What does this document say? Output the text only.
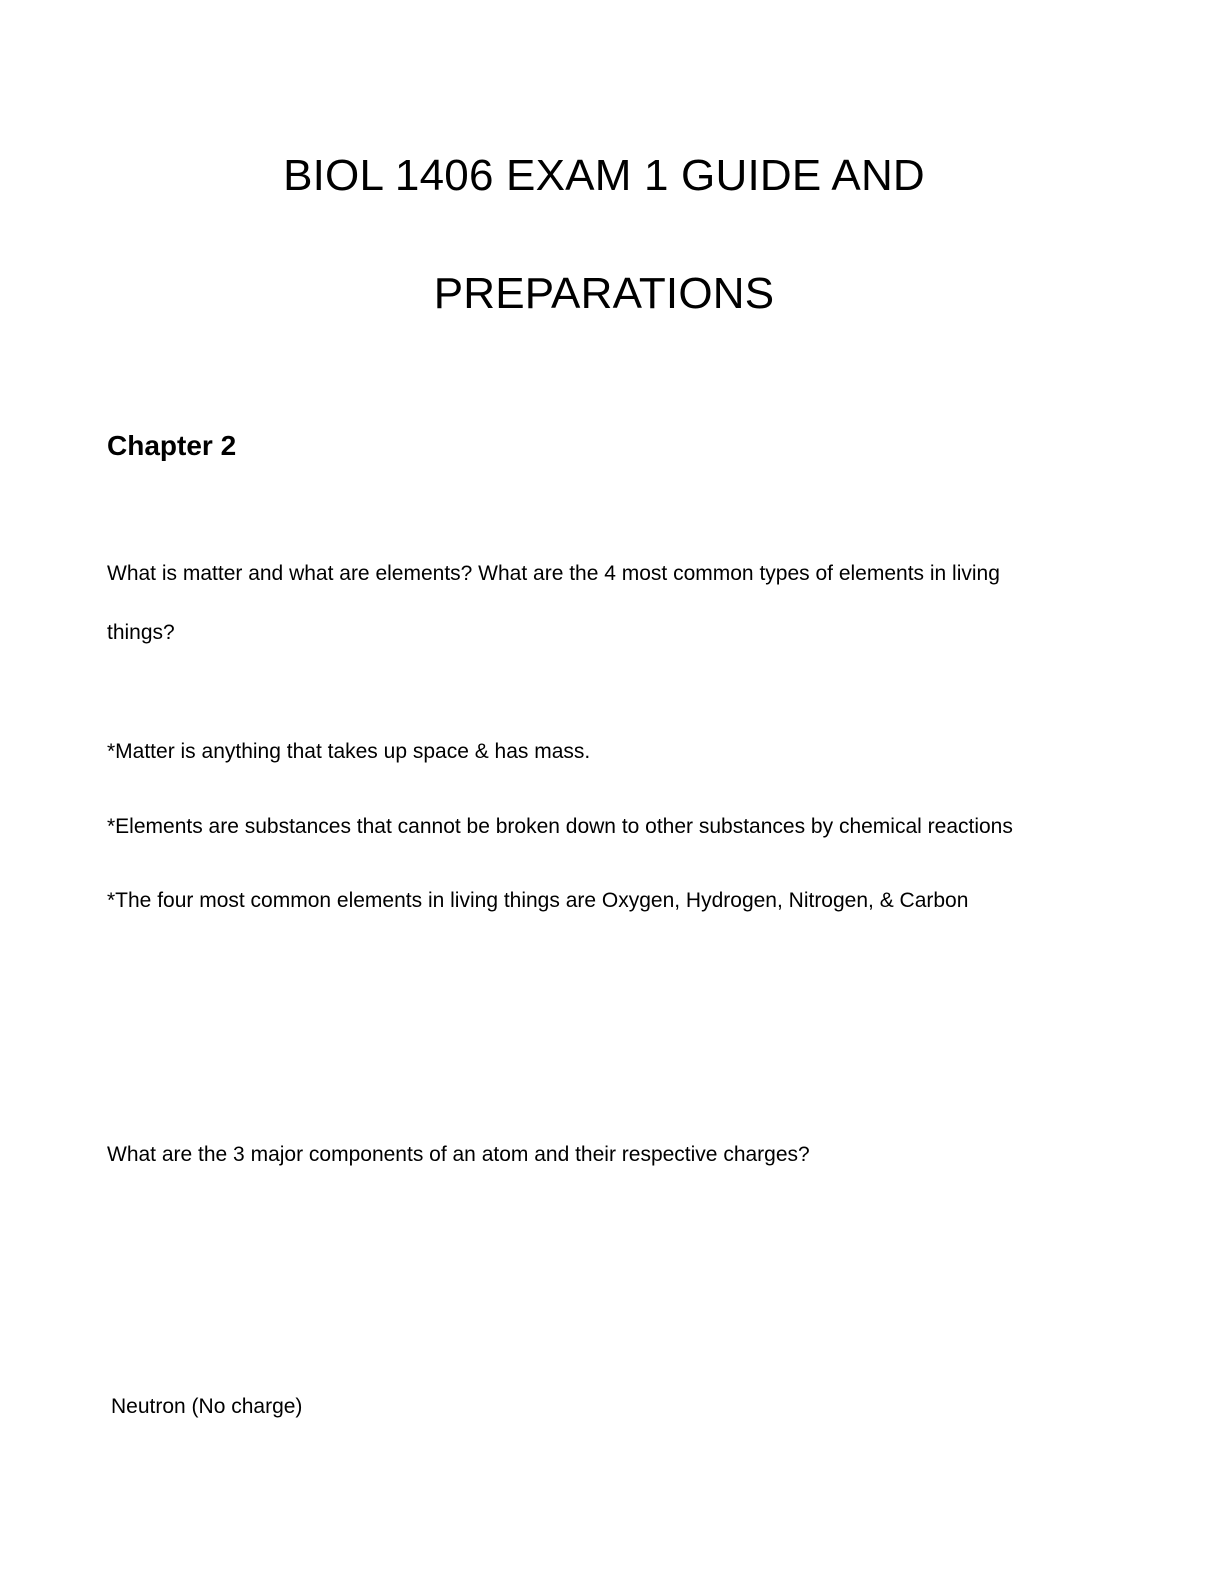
BIOL 1406 EXAM 1 GUIDE AND
PREPARATIONS
Chapter 2

What is matter and what are elements? What are the 4 most common types of elements in living

things?

*Matter is anything that takes up space & has mass.

*Elements are substances that cannot be broken down to other substances by chemical reactions

*The four most common elements in living things are Oxygen, Hydrogen, Nitrogen, & Carbon

What are the 3 major components of an atom and their respective charges?

Neutron (No charge)
